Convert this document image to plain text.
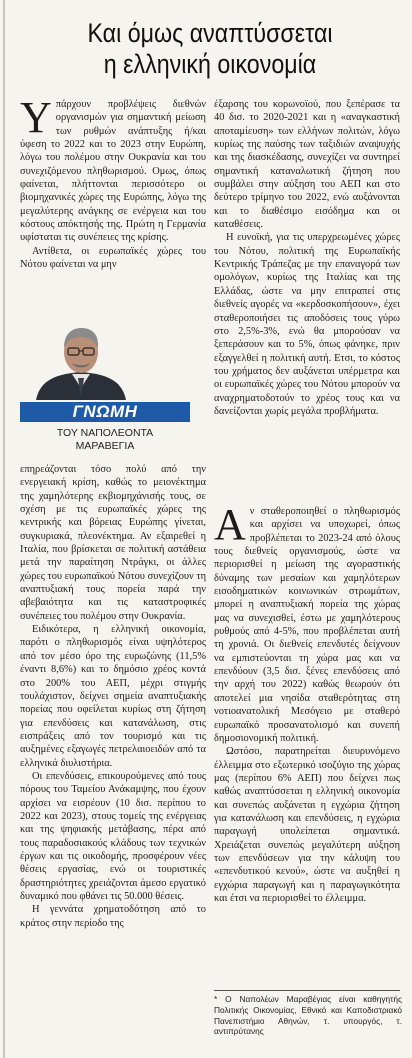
Και όμως αναπτύσσεται
η ελληνική οικονομία

Υπάρχουν προβλέψεις διεθνών οργανισμών για σημαντική μείωση των ρυθμών ανάπτυξης ή/και ύφεση το 2022 και το 2023 στην Ευρώπη, λόγω του πολέμου στην Ουκρανία και του συνεχιζόμενου πληθωρισμού. Ομως, όπως φαίνεται, πλήττονται περισσότερο οι βιομηχανικές χώρες της Ευρώπης, λόγω της μεγαλύτερης ανάγκης σε ενέργεια και του κόστους απόκτησής της. Πρώτη η Γερμανία υφίσταται τις συνέπειες της κρίσης.

Αντίθετα, οι ευρωπαϊκές χώρες του Νότου φαίνεται να μην

ΓΝΩΜΗ
ΤΟΥ ΝΑΠΟΛΕΟΝΤΑ
ΜΑΡΑΒΕΓΙΑ

επηρεάζονται τόσο πολύ από την ενεργειακή κρίση, καθώς το μειονέκτημα της χαμηλότερης εκβιομηχάνισής τους, σε σχέση με τις ευρωπαϊκές χώρες της κεντρικής και βόρειας Ευρώπης γίνεται, συγκυριακά, πλεονέκτημα. Αν εξαιρεθεί η Ιταλία, που βρίσκεται σε πολιτική αστάθεια μετά την παραίτηση Ντράγκι, οι άλλες χώρες του ευρωπαϊκού Νότου συνεχίζουν τη αναπτυξιακή τους πορεία παρά την αβεβαιότητα και τις καταστροφικές συνέπειες του πολέμου στην Ουκρανία.

Ειδικότερα, η ελληνική οικονομία, παρότι ο πληθωρισμός είναι υψηλότερος από τον μέσο όρο της ευρωζώνης (11,5% έναντι 8,6%) και το δημόσιο χρέος κοντά στο 200% του ΑΕΠ, μέχρι στιγμής τουλάχιστον, δείχνει σημεία αναπτυξιακής πορείας που οφείλεται κυρίως στη ζήτηση για επενδύσεις και κατανάλωση, στις εισπράξεις από τον τουρισμό και τις αυξημένες εξαγωγές πετρελαιοειδών από τα ελληνικά διυλιστήρια.

Οι επενδύσεις, επικουρούμενες από τους πόρους του Ταμείου Ανάκαμψης, που έχουν αρχίσει να εισρέουν (10 δισ. περίπου το 2022 και 2023), στους τομείς της ενέργειας και της ψηφιακής μετάβασης, πέρα από τους παραδοσιακούς κλάδους των τεχνικών έργων και τις οικοδομής, προσφέρουν νέες θέσεις εργασίας, ενώ οι τουριστικές δραστηριότητες χρειάζονται άμεσο εργατικό δυναμικό που φθάνει τις 50.000 θέσεις.

Η γεννάτα χρηματοδότηση από το κράτος στην περίοδο της

έξαρσης του κορωνοϊού, που ξεπέρασε τα 40 δισ. το 2020-2021 και η «αναγκαστική αποταμίευση» των ελλήνων πολιτών, λόγω κυρίως της παύσης των ταξιδιών αναψυχής και της διασκέδασης, συνεχίζει να συντηρεί σημαντική καταναλωτική ζήτηση που συμβάλει στην αύξηση του ΑΕΠ και στο δεύτερο τρίμηνο του 2022, ενώ αυξάνονται και το διαθέσιμο εισόδημα και οι καταθέσεις.

Η ευνοϊκή, για τις υπερχρεωμένες χώρες του Νότου, πολιτική της Ευρωπαϊκής Κεντρικής Τράπεζας με την επαναγορά των ομολόγων, κυρίως της Ιταλίας και της Ελλάδας, ώστε να μην επιτραπεί στις διεθνείς αγορές να «κερδοσκοπήσουν», έχει σταθεροποιήσει τις αποδόσεις τους γύρω στο 2,5%-3%, ενώ θα μπορούσαν να ξεπεράσουν και το 5%, όπως φάνηκε, πριν εξαγγελθεί η πολιτική αυτή. Ετσι, το κόστος του χρήματος δεν αυξάνεται υπέρμετρα και οι ευρωπαϊκές χώρες του Νότου μπορούν να αναχρηματοδοτούν το χρέος τους και να δανείζονται χωρίς μεγάλα προβλήματα.

Αν σταθεροποιηθεί ο πληθωρισμός και αρχίσει να υποχωρεί, όπως προβλέπεται το 2023-24 από όλους τους διεθνείς οργανισμούς, ώστε να περιορισθεί η μείωση της αγοραστικής δύναμης των μεσαίων και χαμηλότερων εισοδηματικών κοινωνικών στρωμάτων, μπορεί η αναπτυξιακή πορεία της χώρας μας να συνεχισθεί, έστω με χαμηλότερους ρυθμούς από 4-5%, που προβλέπεται αυτή τη χρονιά. Οι διεθνείς επενδυτές δείχνουν να εμπιστεύονται τη χώρα μας και να επενδύουν (3,5 δισ. ξένες επενδύσεις από την αρχή του 2022) καθώς θεωρούν ότι αποτελεί μια νησίδα σταθερότητας στη νοτιοανατολική Μεσόγειο με σταθερό ευρωπαϊκό προσανατολισμό και συνεπή δημοσιονομική πολιτική.

Ωστόσο, παρατηρείται διευρυνόμενο έλλειμμα στο εξωτερικό ισοζύγιο της χώρας μας (περίπου 6% ΑΕΠ) που δείχνει πως καθώς αναπτύσσεται η ελληνική οικονομία και συνεπώς αυξάνεται η εγχώρια ζήτηση για κατανάλωση και επενδύσεις, η εγχώρια παραγωγή υπολείπεται σημαντικά. Χρειάζεται συνεπώς μεγαλύτερη αύξηση των επενδύσεων για την κάλυψη του «επενδυτικού κενού», ώστε να αυξηθεί η εγχώρια παραγωγή και η παραγωγικότητα και έτσι να περιορισθεί το έλλειμμα.

* Ο Ναπολέων Μαραβέγιας είναι καθηγητής Πολιτικής Οικονομίας, Εθνικό και Καποδιστριακό Πανεπιστήμιο Αθηνών, τ. υπουργός, τ. αντιπρύτανης
